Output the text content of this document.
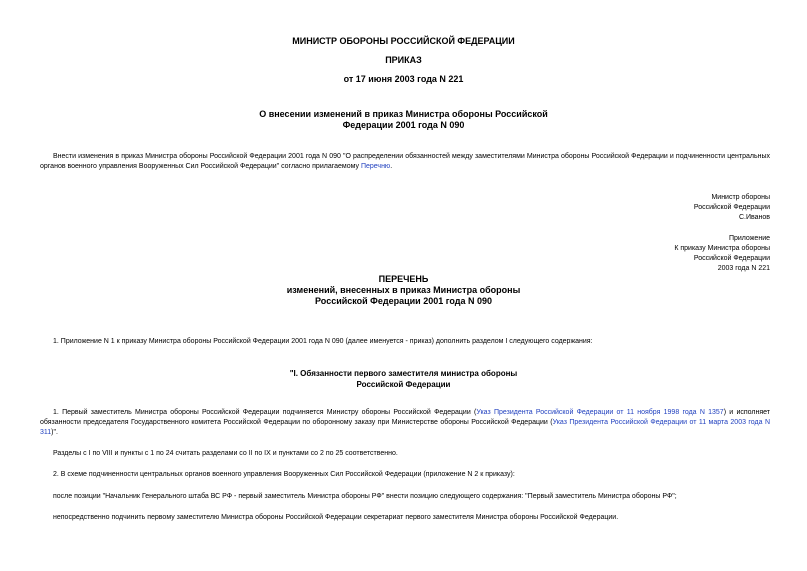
МИНИСТР ОБОРОНЫ РОССИЙСКОЙ ФЕДЕРАЦИИ
ПРИКАЗ
от 17 июня 2003 года N 221
О внесении изменений в приказ Министра обороны Российской
Федерации 2001 года N 090
Внести изменения в приказ Министра обороны Российской Федерации 2001 года N 090 "О распределении обязанностей между заместителями Министра обороны Российской Федерации и подчиненности центральных органов военного управления Вооруженных Сил Российской Федерации" согласно прилагаемому Перечню.
Министр обороны
Российской Федерации
С.Иванов
Приложение
К приказу Министра обороны
Российской Федерации
2003 года N 221
ПЕРЕЧЕНЬ
изменений, внесенных в приказ Министра обороны
Российской Федерации 2001 года N 090
1. Приложение N 1 к приказу Министра обороны Российской Федерации 2001 года N 090 (далее именуется - приказ) дополнить разделом I следующего содержания:
"I. Обязанности первого заместителя министра обороны
Российской Федерации
1. Первый заместитель Министра обороны Российской Федерации подчиняется Министру обороны Российской Федерации (Указ Президента Российской Федерации от 11 ноября 1998 года N 1357) и исполняет обязанности председателя Государственного комитета Российской Федерации по оборонному заказу при Министерстве обороны Российской Федерации (Указ Президента Российской Федерации от 11 марта 2003 года N 311)".
Разделы с I по VIII и пункты с 1 по 24 считать разделами со II по IX и пунктами со 2 по 25 соответственно.
2. В схеме подчиненности центральных органов военного управления Вооруженных Сил Российской Федерации (приложение N 2 к приказу):
после позиции "Начальник Генерального штаба ВС РФ - первый заместитель Министра обороны РФ" внести позицию следующего содержания: "Первый заместитель Министра обороны РФ";
непосредственно подчинить первому заместителю Министра обороны Российской Федерации секретариат первого заместителя Министра обороны Российской Федерации.
